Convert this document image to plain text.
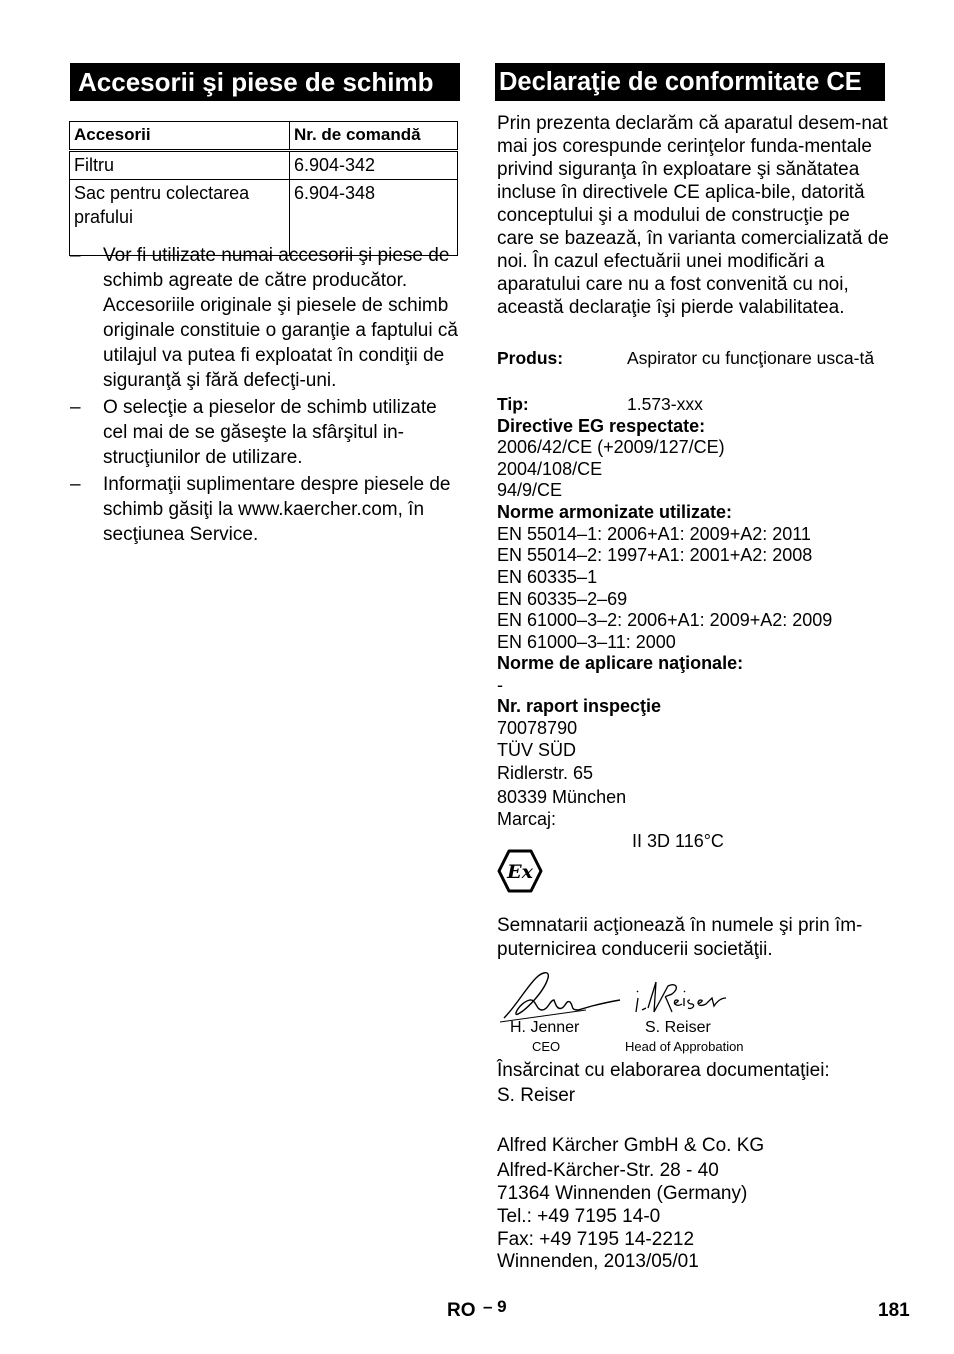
Accesorii şi piese de schimb
Accesorii	Nr. de comandă
Filtru	6.904-342
Sac pentru colectarea prafului	6.904-348
– Vor fi utilizate numai accesorii şi piese de schimb agreate de către producător. Accesoriile originale şi piesele de schimb originale constituie o garanţie a faptului că utilajul va putea fi exploatat în condiţii de siguranţă şi fără defecţi-uni.
– O selecţie a pieselor de schimb utilizate cel mai de se găseşte la sfârşitul in-strucţiunilor de utilizare.
– Informaţii suplimentare despre piesele de schimb găsiţi la www.kaercher.com, în secţiunea Service.
Declaraţie de conformitate CE
Prin prezenta declarăm că aparatul desem-nat mai jos corespunde cerinţelor funda-mentale privind siguranţa în exploatare şi sănătatea incluse în directivele CE aplica-bile, datorită conceptului şi a modului de construcţie pe care se bazează, în varianta comercializată de noi. În cazul efectuării unei modificări a aparatului care nu a fost convenită cu noi, această declaraţie îşi pierde valabilitatea.
Produs:	Aspirator cu funcţionare usca-tă
Tip:	1.573-xxx
Directive EG respectate:
2006/42/CE (+2009/127/CE)
2004/108/CE
94/9/CE
Norme armonizate utilizate:
EN 55014–1: 2006+A1: 2009+A2: 2011
EN 55014–2: 1997+A1: 2001+A2: 2008
EN 60335–1
EN 60335–2–69
EN 61000–3–2: 2006+A1: 2009+A2: 2009
EN 61000–3–11: 2000
Norme de aplicare naţionale:
-
Nr. raport inspecţie
70078790
TÜV SÜD
Ridlerstr. 65
80339 München
Marcaj:
II 3D 116°C
Ex
Semnatarii acţionează în numele şi prin îm-puternicirea conducerii societăţii.
H. Jenner
CEO
S. Reiser
Head of Approbation
Însărcinat cu elaborarea documentaţiei:
S. Reiser
Alfred Kärcher GmbH & Co. KG
Alfred-Kärcher-Str. 28 - 40
71364 Winnenden (Germany)
Tel.: +49 7195 14-0
Fax: +49 7195 14-2212
Winnenden, 2013/05/01
RO – 9	181
